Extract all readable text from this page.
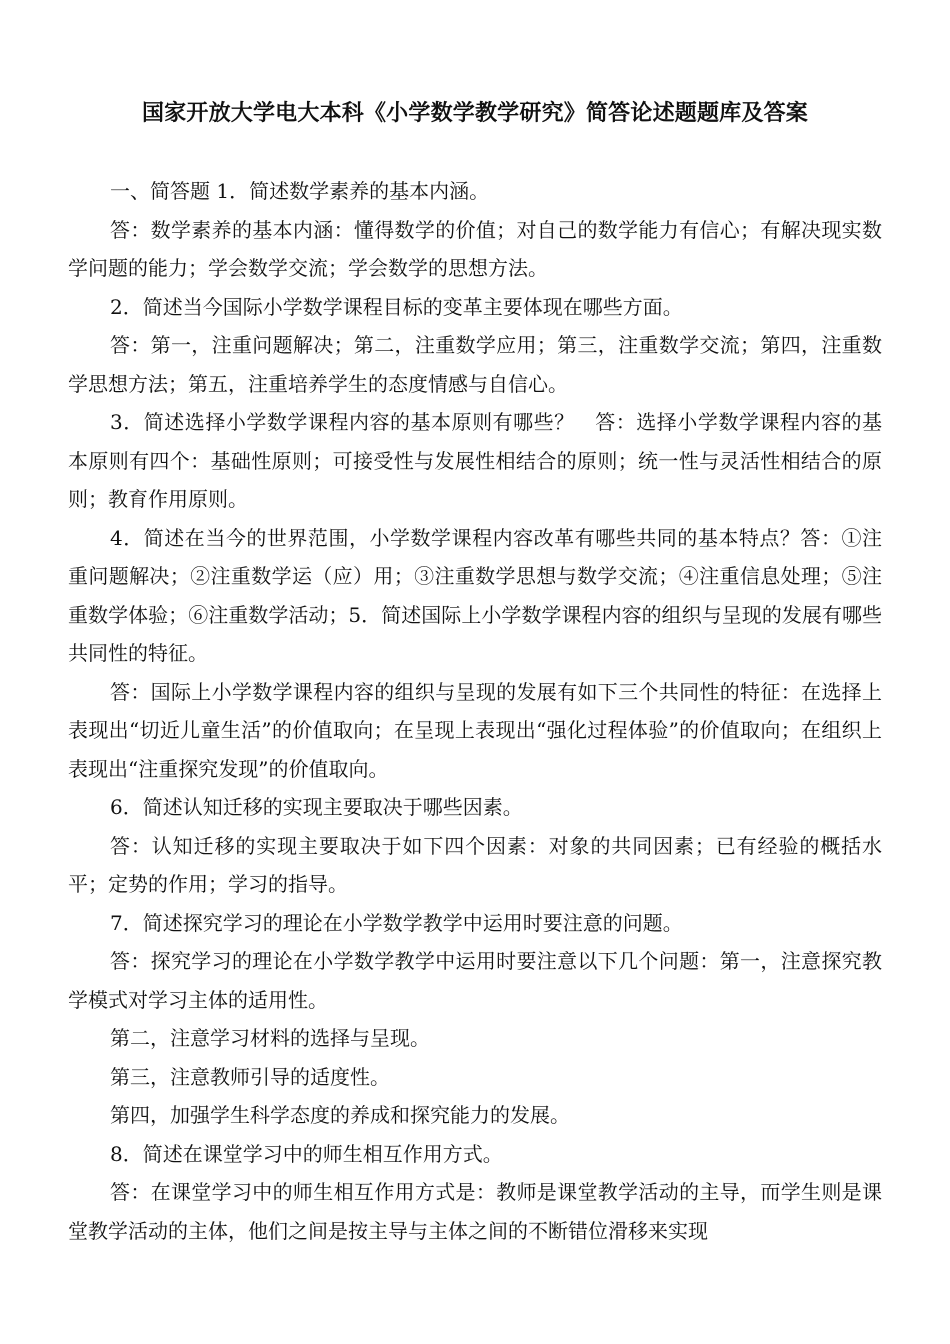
国家开放大学电大本科《小学数学教学研究》简答论述题题库及答案

一、简答题 1．简述数学素养的基本内涵。

答：数学素养的基本内涵：懂得数学的价值；对自己的数学能力有信心；有解决现实数学问题的能力；学会数学交流；学会数学的思想方法。

2．简述当今国际小学数学课程目标的变革主要体现在哪些方面。

答：第一，注重问题解决；第二，注重数学应用；第三，注重数学交流；第四，注重数学思想方法；第五，注重培养学生的态度情感与自信心。

3．简述选择小学数学课程内容的基本原则有哪些？　答：选择小学数学课程内容的基本原则有四个：基础性原则；可接受性与发展性相结合的原则；统一性与灵活性相结合的原则；教育作用原则。

4．简述在当今的世界范围，小学数学课程内容改革有哪些共同的基本特点？答：①注重问题解决；②注重数学运（应）用；③注重数学思想与数学交流；④注重信息处理；⑤注重数学体验；⑥注重数学活动；5．简述国际上小学数学课程内容的组织与呈现的发展有哪些共同性的特征。

答：国际上小学数学课程内容的组织与呈现的发展有如下三个共同性的特征：在选择上表现出“切近儿童生活”的价值取向；在呈现上表现出“强化过程体验”的价值取向；在组织上表现出“注重探究发现”的价值取向。

6．简述认知迁移的实现主要取决于哪些因素。

答：认知迁移的实现主要取决于如下四个因素：对象的共同因素；已有经验的概括水平；定势的作用；学习的指导。

7．简述探究学习的理论在小学数学教学中运用时要注意的问题。

答：探究学习的理论在小学数学教学中运用时要注意以下几个问题：第一，注意探究教学模式对学习主体的适用性。

第二，注意学习材料的选择与呈现。

第三，注意教师引导的适度性。

第四，加强学生科学态度的养成和探究能力的发展。

8．简述在课堂学习中的师生相互作用方式。

答：在课堂学习中的师生相互作用方式是：教师是课堂教学活动的主导，而学生则是课堂教学活动的主体，他们之间是按主导与主体之间的不断错位滑移来实现
